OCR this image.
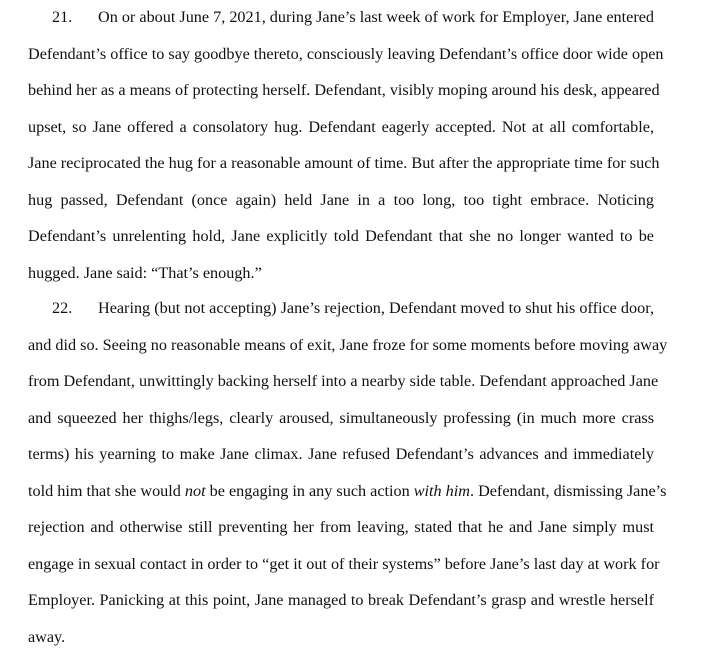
21. On or about June 7, 2021, during Jane’s last week of work for Employer, Jane entered
Defendant’s office to say goodbye thereto, consciously leaving Defendant’s office door wide open
behind her as a means of protecting herself. Defendant, visibly moping around his desk, appeared
upset, so Jane offered a consolatory hug. Defendant eagerly accepted. Not at all comfortable,
Jane reciprocated the hug for a reasonable amount of time. But after the appropriate time for such
hug passed, Defendant (once again) held Jane in a too long, too tight embrace. Noticing
Defendant’s unrelenting hold, Jane explicitly told Defendant that she no longer wanted to be
hugged. Jane said: “That’s enough.”
22. Hearing (but not accepting) Jane’s rejection, Defendant moved to shut his office door,
and did so. Seeing no reasonable means of exit, Jane froze for some moments before moving away
from Defendant, unwittingly backing herself into a nearby side table. Defendant approached Jane
and squeezed her thighs/legs, clearly aroused, simultaneously professing (in much more crass
terms) his yearning to make Jane climax. Jane refused Defendant’s advances and immediately
told him that she would not be engaging in any such action with him. Defendant, dismissing Jane’s
rejection and otherwise still preventing her from leaving, stated that he and Jane simply must
engage in sexual contact in order to “get it out of their systems” before Jane’s last day at work for
Employer. Panicking at this point, Jane managed to break Defendant’s grasp and wrestle herself
away.
